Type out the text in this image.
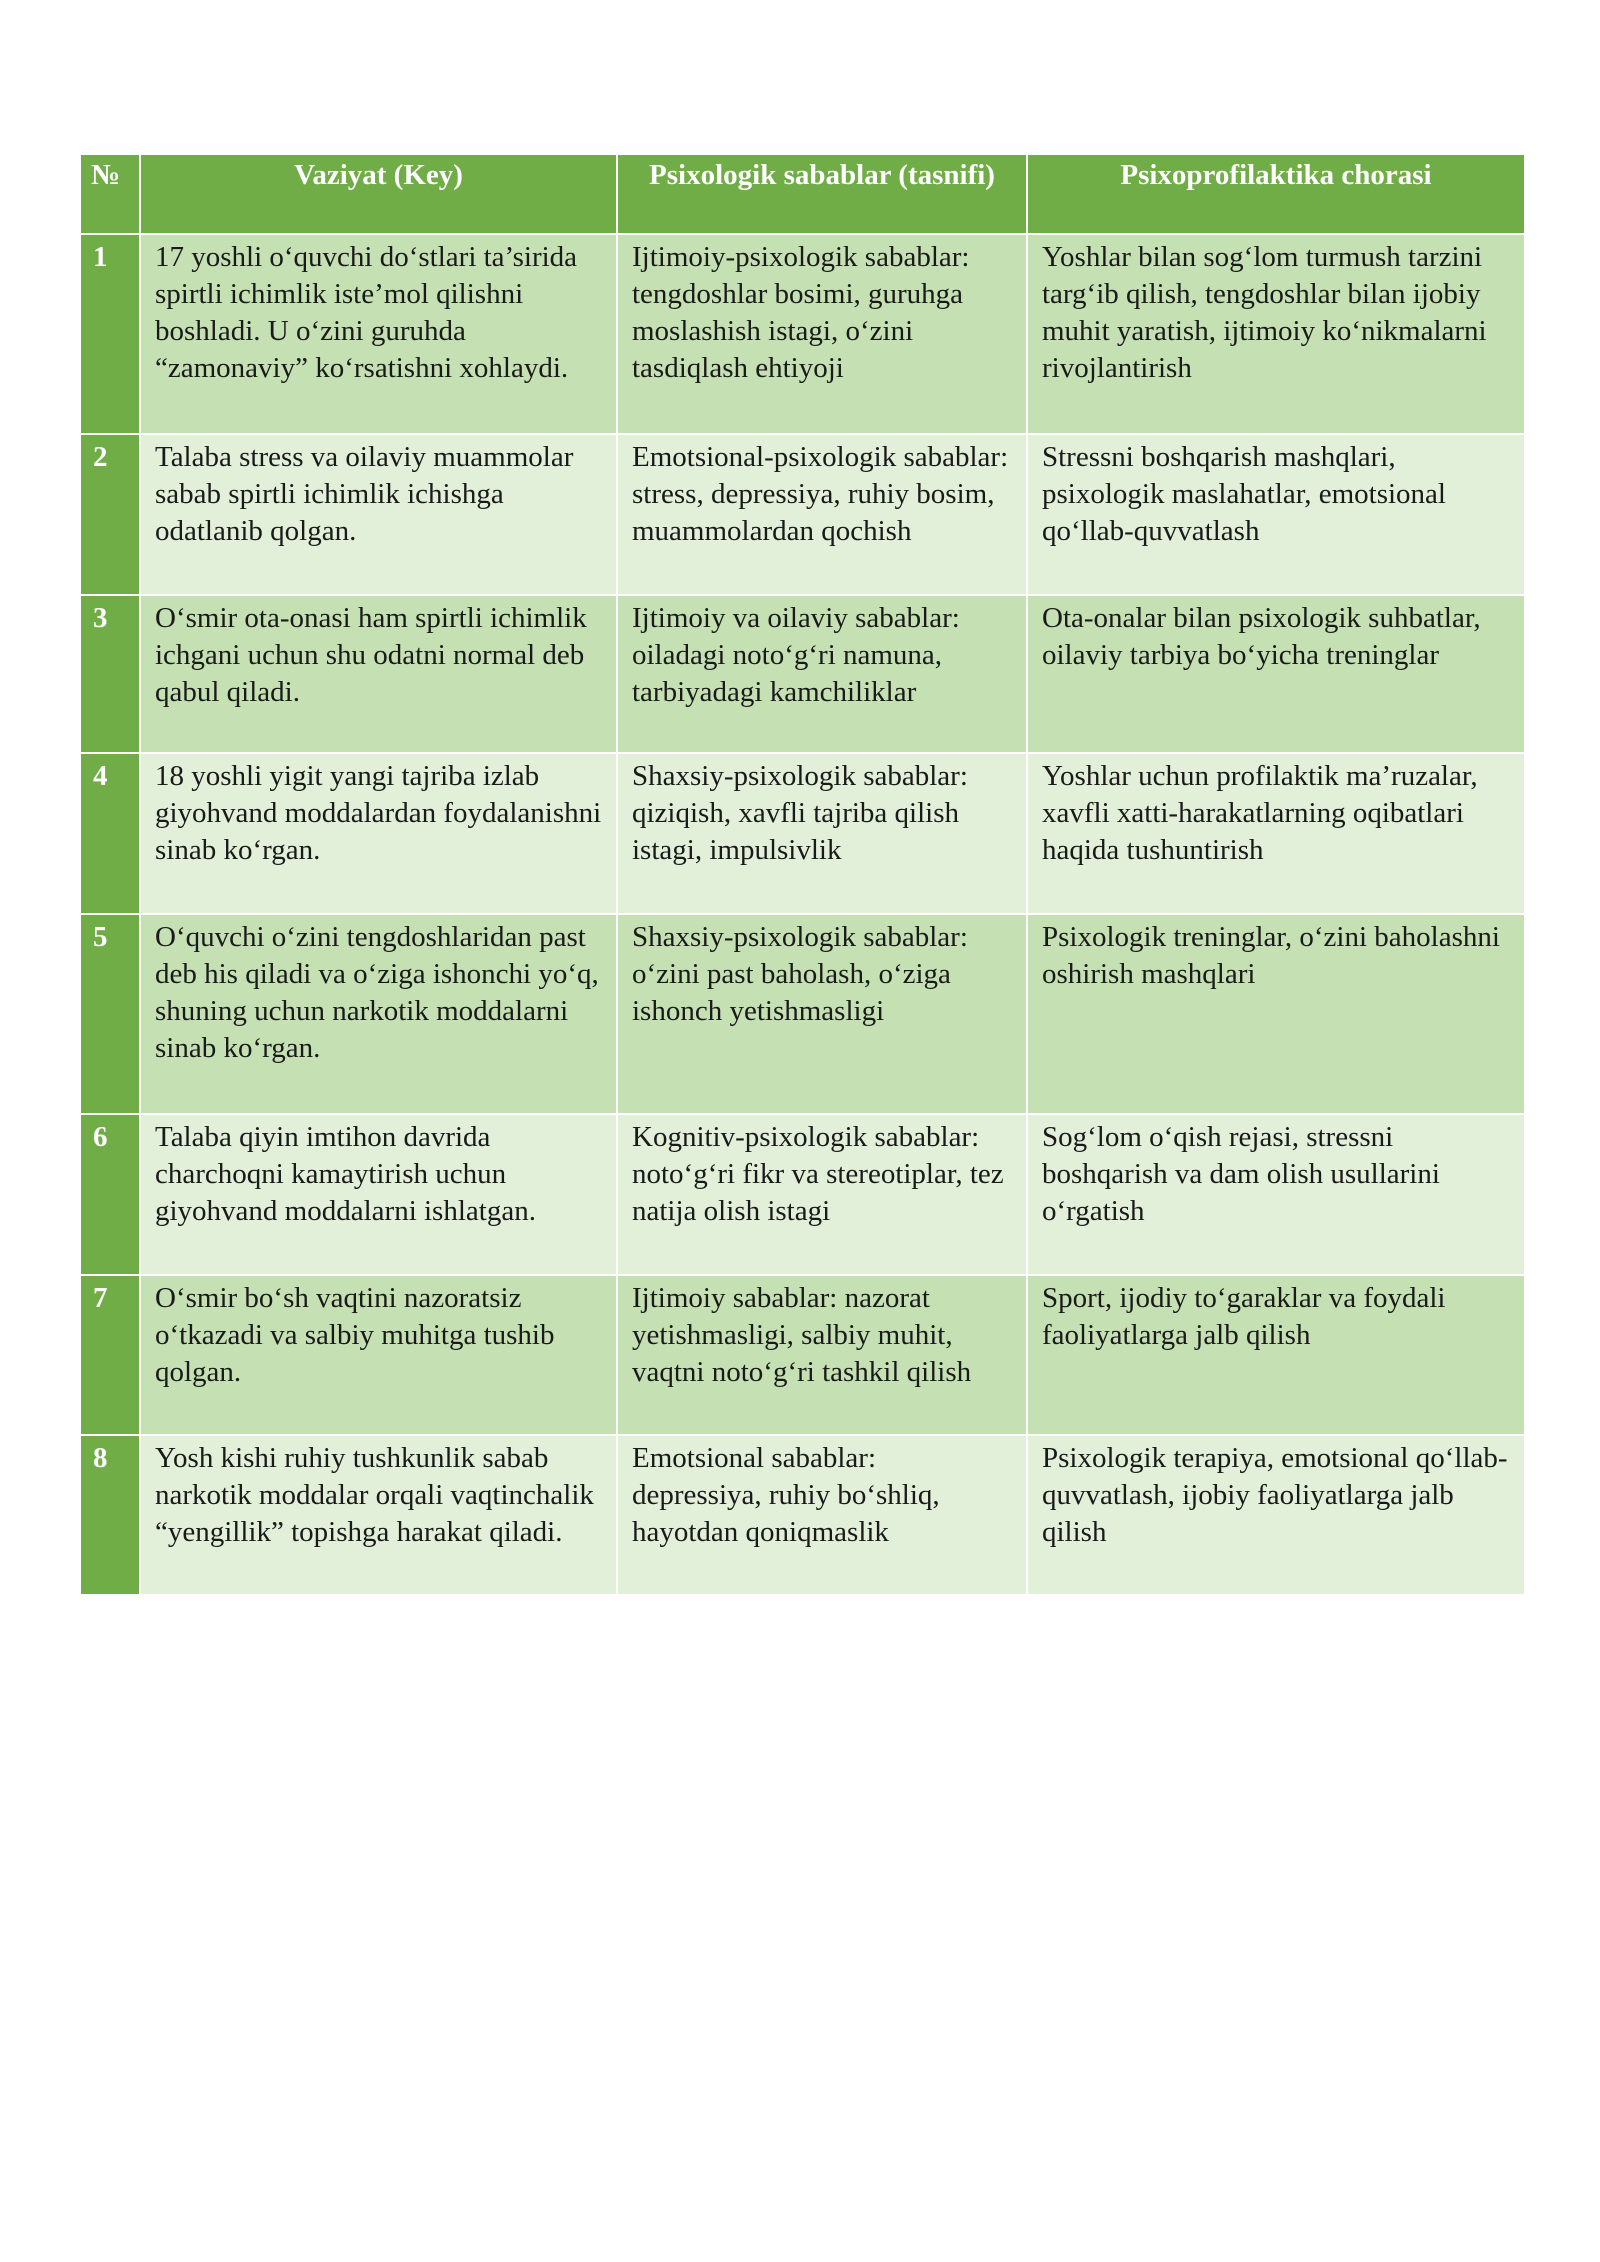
№	Vaziyat (Key)	Psixologik sabablar (tasnifi)	Psixoprofilaktika chorasi
1	17 yoshli o‘quvchi do‘stlari ta’sirida spirtli ichimlik iste’mol qilishni boshladi. U o‘zini guruhda “zamonaviy” ko‘rsatishni xohlaydi.	Ijtimoiy-psixologik sabablar: tengdoshlar bosimi, guruhga moslashish istagi, o‘zini tasdiqlash ehtiyoji	Yoshlar bilan sog‘lom turmush tarzini targ‘ib qilish, tengdoshlar bilan ijobiy muhit yaratish, ijtimoiy ko‘nikmalarni rivojlantirish
2	Talaba stress va oilaviy muammolar sabab spirtli ichimlik ichishga odatlanib qolgan.	Emotsional-psixologik sabablar: stress, depressiya, ruhiy bosim, muammolardan qochish	Stressni boshqarish mashqlari, psixologik maslahatlar, emotsional qo‘llab-quvvatlash
3	O‘smir ota-onasi ham spirtli ichimlik ichgani uchun shu odatni normal deb qabul qiladi.	Ijtimoiy va oilaviy sabablar: oiladagi noto‘g‘ri namuna, tarbiyadagi kamchiliklar	Ota-onalar bilan psixologik suhbatlar, oilaviy tarbiya bo‘yicha treninglar
4	18 yoshli yigit yangi tajriba izlab giyohvand moddalardan foydalanishni sinab ko‘rgan.	Shaxsiy-psixologik sabablar: qiziqish, xavfli tajriba qilish istagi, impulsivlik	Yoshlar uchun profilaktik ma’ruzalar, xavfli xatti-harakatlarning oqibatlari haqida tushuntirish
5	O‘quvchi o‘zini tengdoshlaridan past deb his qiladi va o‘ziga ishonchi yo‘q, shuning uchun narkotik moddalarni sinab ko‘rgan.	Shaxsiy-psixologik sabablar: o‘zini past baholash, o‘ziga ishonch yetishmasligi	Psixologik treninglar, o‘zini baholashni oshirish mashqlari
6	Talaba qiyin imtihon davrida charchoqni kamaytirish uchun giyohvand moddalarni ishlatgan.	Kognitiv-psixologik sabablar: noto‘g‘ri fikr va stereotiplar, tez natija olish istagi	Sog‘lom o‘qish rejasi, stressni boshqarish va dam olish usullarini o‘rgatish
7	O‘smir bo‘sh vaqtini nazoratsiz o‘tkazadi va salbiy muhitga tushib qolgan.	Ijtimoiy sabablar: nazorat yetishmasligi, salbiy muhit, vaqtni noto‘g‘ri tashkil qilish	Sport, ijodiy to‘garaklar va foydali faoliyatlarga jalb qilish
8	Yosh kishi ruhiy tushkunlik sabab narkotik moddalar orqali vaqtinchalik “yengillik” topishga harakat qiladi.	Emotsional sabablar: depressiya, ruhiy bo‘shliq, hayotdan qoniqmaslik	Psixologik terapiya, emotsional qo‘llab-quvvatlash, ijobiy faoliyatlarga jalb qilish
